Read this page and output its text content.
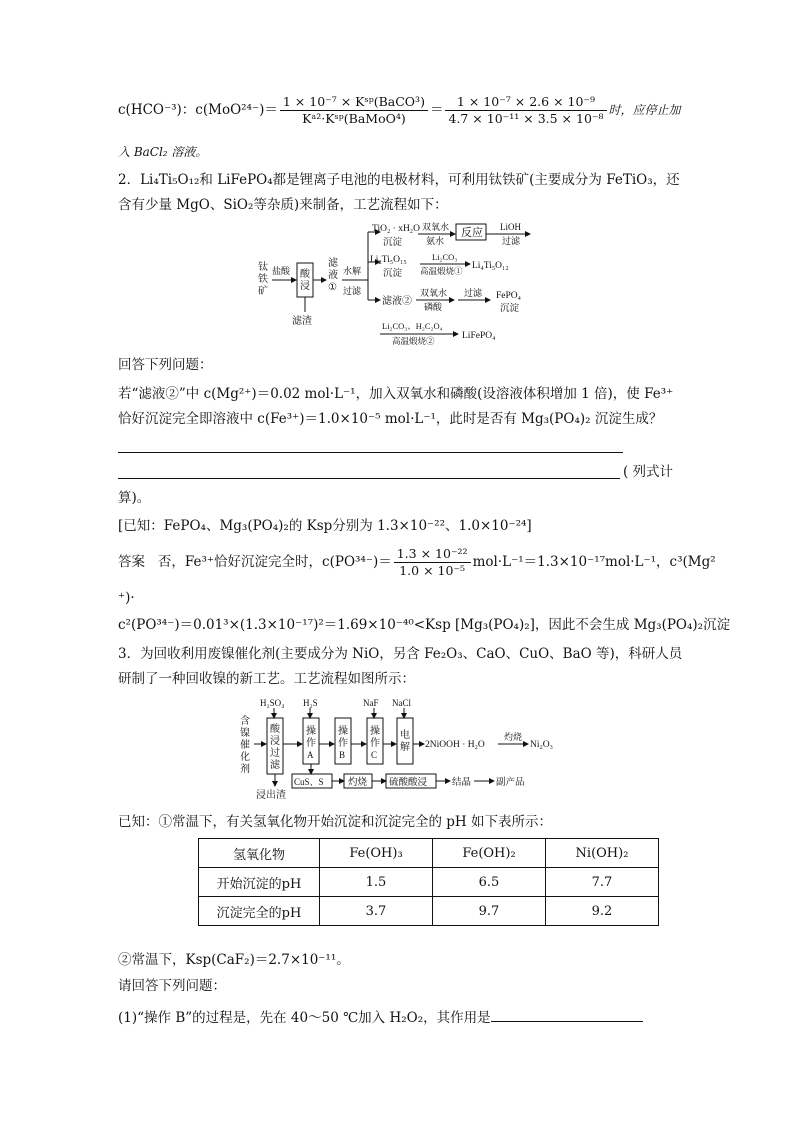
c(HCO⁻³)：$c(MoO^{24-})= \frac{\text{1 × 10⁻⁷ × Kˢᵖ(BaCO³)}}{\text{Kᵃ²·Kˢᵖ(BaMoO⁴)}} = \frac{\text{1 × 10⁻⁷ × 2.6 × 10⁻⁹}}{\text{4.7 × 10⁻¹¹ × 3.5 × 10⁻⁸}}$ 时，应停止加
入 BaCl₂ 溶液。
2．Li₄Ti₅O₁₂和 LiFePO₄都是锂离子电池的电极材料，可利用钛铁矿(主要成分为 FeTiO₃，还
含有少量 MgO、SiO₂等杂质)来制备，工艺流程如下：
钛铁矿
盐酸 酸浸
滤渣
滤液 ①
水解过滤
TiO₂ · xH₂O 沉淀
双氧水氨水
反应 LiOH 过滤
Li₂Ti₅O₁₅ 沉淀
Li₂CO₃ 高温煅烧① Li₄Ti₅O₁₂
滤液②
双氧水磷酸
过滤 FePO₄ 沉淀
Li₂CO₃、H₂C₂O₄
高温煅烧②	LiFePO₄
回答下列问题：
若“滤液②”中 c(Mg²⁺)＝0.02 mol·L⁻¹，加入双氧水和磷酸(设溶液体积增加 1 倍)，使 Fe³⁺
恰好沉淀完全即溶液中 c(Fe³⁺)＝1.0×10⁻⁵ mol·L⁻¹，此时是否有 Mg₃(PO₄)₂ 沉淀生成？
( 列式计
算)。
[已知：FePO₄、Mg₃(PO₄)₂的 Ksp分别为 1.3×10⁻²²、1.0×10⁻²⁴]
答案 否，Fe³⁺恰好沉淀完全时，$c(PO^{34-})= \frac{\text{1.3 × 10⁻²²}}{\text{1.0 × 10⁻⁵}} mol\cdot L^{-1}=1.3\times 10^{-17}mol\cdot L^{-1}$，c³(Mg²
⁺)·
c²(PO³⁴⁻)＝0.01³×(1.3×10⁻¹⁷)²＝1.69×10⁻⁴⁰<Ksp [Mg₃(PO₄)₂]，因此不会生成 Mg₃(PO₄)₂沉淀
3．为回收利用废镍催化剂(主要成分为 NiO，另含 Fe₂O₃、CaO、CuO、BaO 等)，科研人员
研制了一种回收镍的新工艺。工艺流程如图所示：
含镍催化剂
H₂SO₄
酸浸过滤
浸出渣
H₂S
操作 A
CuS、S	灼烧 硫酸酸浸	结晶	副产品
操作 B
NaF
操作 C
NaCl
电解 2NiOOH · H₂O
灼烧
Ni₂O₃
已知：①常温下，有关氢氧化物开始沉淀和沉淀完全的 pH 如下表所示：
氢氧化物	Fe(OH)₃	Fe(OH)₂	Ni(OH)₂
开始沉淀的pH	1.5	6.5	7.7
沉淀完全的pH	3.7	9.7	9.2
②常温下，Ksp(CaF₂)＝2.7×10⁻¹¹。
请回答下列问题：
(1)“操作 B”的过程是，先在 40～50 ℃加入 H₂O₂，其作用是
